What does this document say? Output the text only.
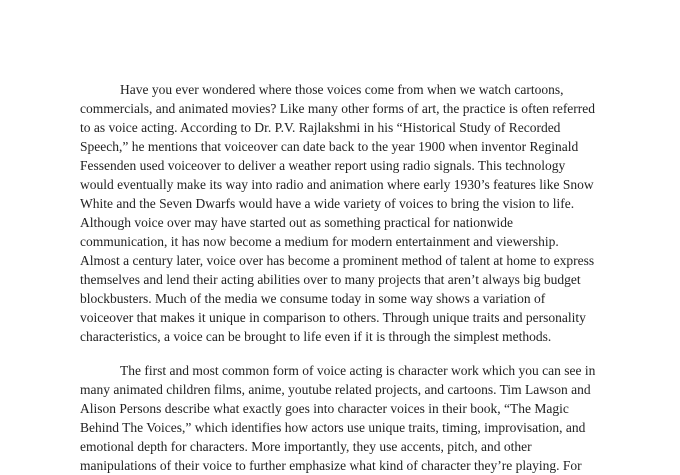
Have you ever wondered where those voices come from when we watch cartoons, commercials, and animated movies? Like many other forms of art, the practice is often referred to as voice acting. According to Dr. P.V. Rajlakshmi in his “Historical Study of Recorded Speech,” he mentions that voiceover can date back to the year 1900 when inventor Reginald Fessenden used voiceover to deliver a weather report using radio signals. This technology would eventually make its way into radio and animation where early 1930’s features like Snow White and the Seven Dwarfs would have a wide variety of voices to bring the vision to life. Although voice over may have started out as something practical for nationwide communication, it has now become a medium for modern entertainment and viewership. Almost a century later, voice over has become a prominent method of talent at home to express themselves and lend their acting abilities over to many projects that aren’t always big budget blockbusters. Much of the media we consume today in some way shows a variation of voiceover that makes it unique in comparison to others. Through unique traits and personality characteristics, a voice can be brought to life even if it is through the simplest methods.

The first and most common form of voice acting is character work which you can see in many animated children films, anime, youtube related projects, and cartoons. Tim Lawson and Alison Persons describe what exactly goes into character voices in their book, “The Magic Behind The Voices,” which identifies how actors use unique traits, timing, improvisation, and emotional depth for characters. More importantly, they use accents, pitch, and other manipulations of their voice to further emphasize what kind of character they’re playing. For
